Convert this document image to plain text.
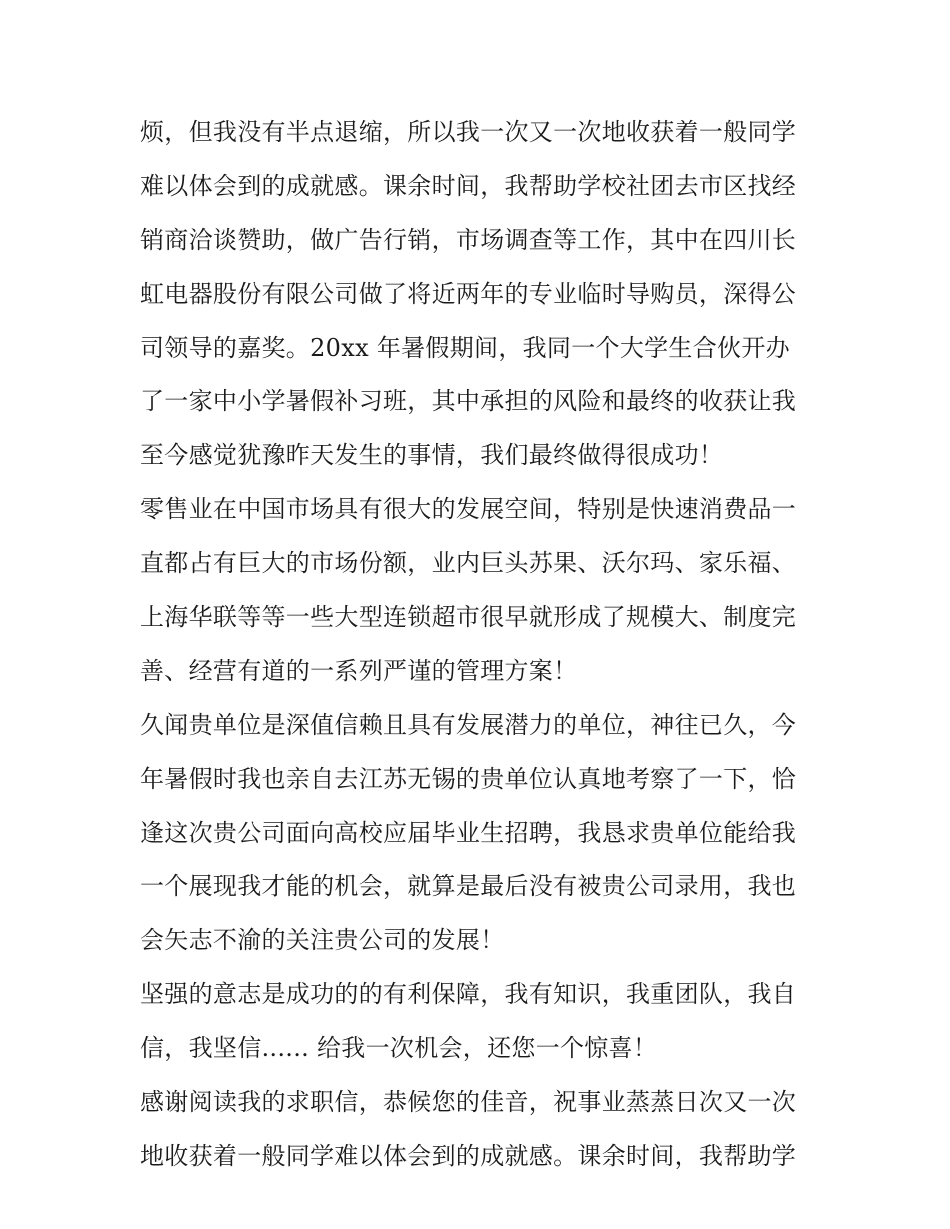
烦，但我没有半点退缩，所以我一次又一次地收获着一般同学
难以体会到的成就感。课余时间，我帮助学校社团去市区找经
销商洽谈赞助，做广告行销，市场调查等工作，其中在四川长
虹电器股份有限公司做了将近两年的专业临时导购员，深得公
司领导的嘉奖。20xx 年暑假期间，我同一个大学生合伙开办
了一家中小学暑假补习班，其中承担的风险和最终的收获让我
至今感觉犹豫昨天发生的事情，我们最终做得很成功！
零售业在中国市场具有很大的发展空间，特别是快速消费品一
直都占有巨大的市场份额，业内巨头苏果、沃尔玛、家乐福、
上海华联等等一些大型连锁超市很早就形成了规模大、制度完
善、经营有道的一系列严谨的管理方案！
久闻贵单位是深值信赖且具有发展潜力的单位，神往已久，今
年暑假时我也亲自去江苏无锡的贵单位认真地考察了一下，恰
逢这次贵公司面向高校应届毕业生招聘，我恳求贵单位能给我
一个展现我才能的机会，就算是最后没有被贵公司录用，我也
会矢志不渝的关注贵公司的发展！
坚强的意志是成功的的有利保障，我有知识，我重团队，我自
信，我坚信...... 给我一次机会，还您一个惊喜！
感谢阅读我的求职信，恭候您的佳音，祝事业蒸蒸日次又一次
地收获着一般同学难以体会到的成就感。课余时间，我帮助学
